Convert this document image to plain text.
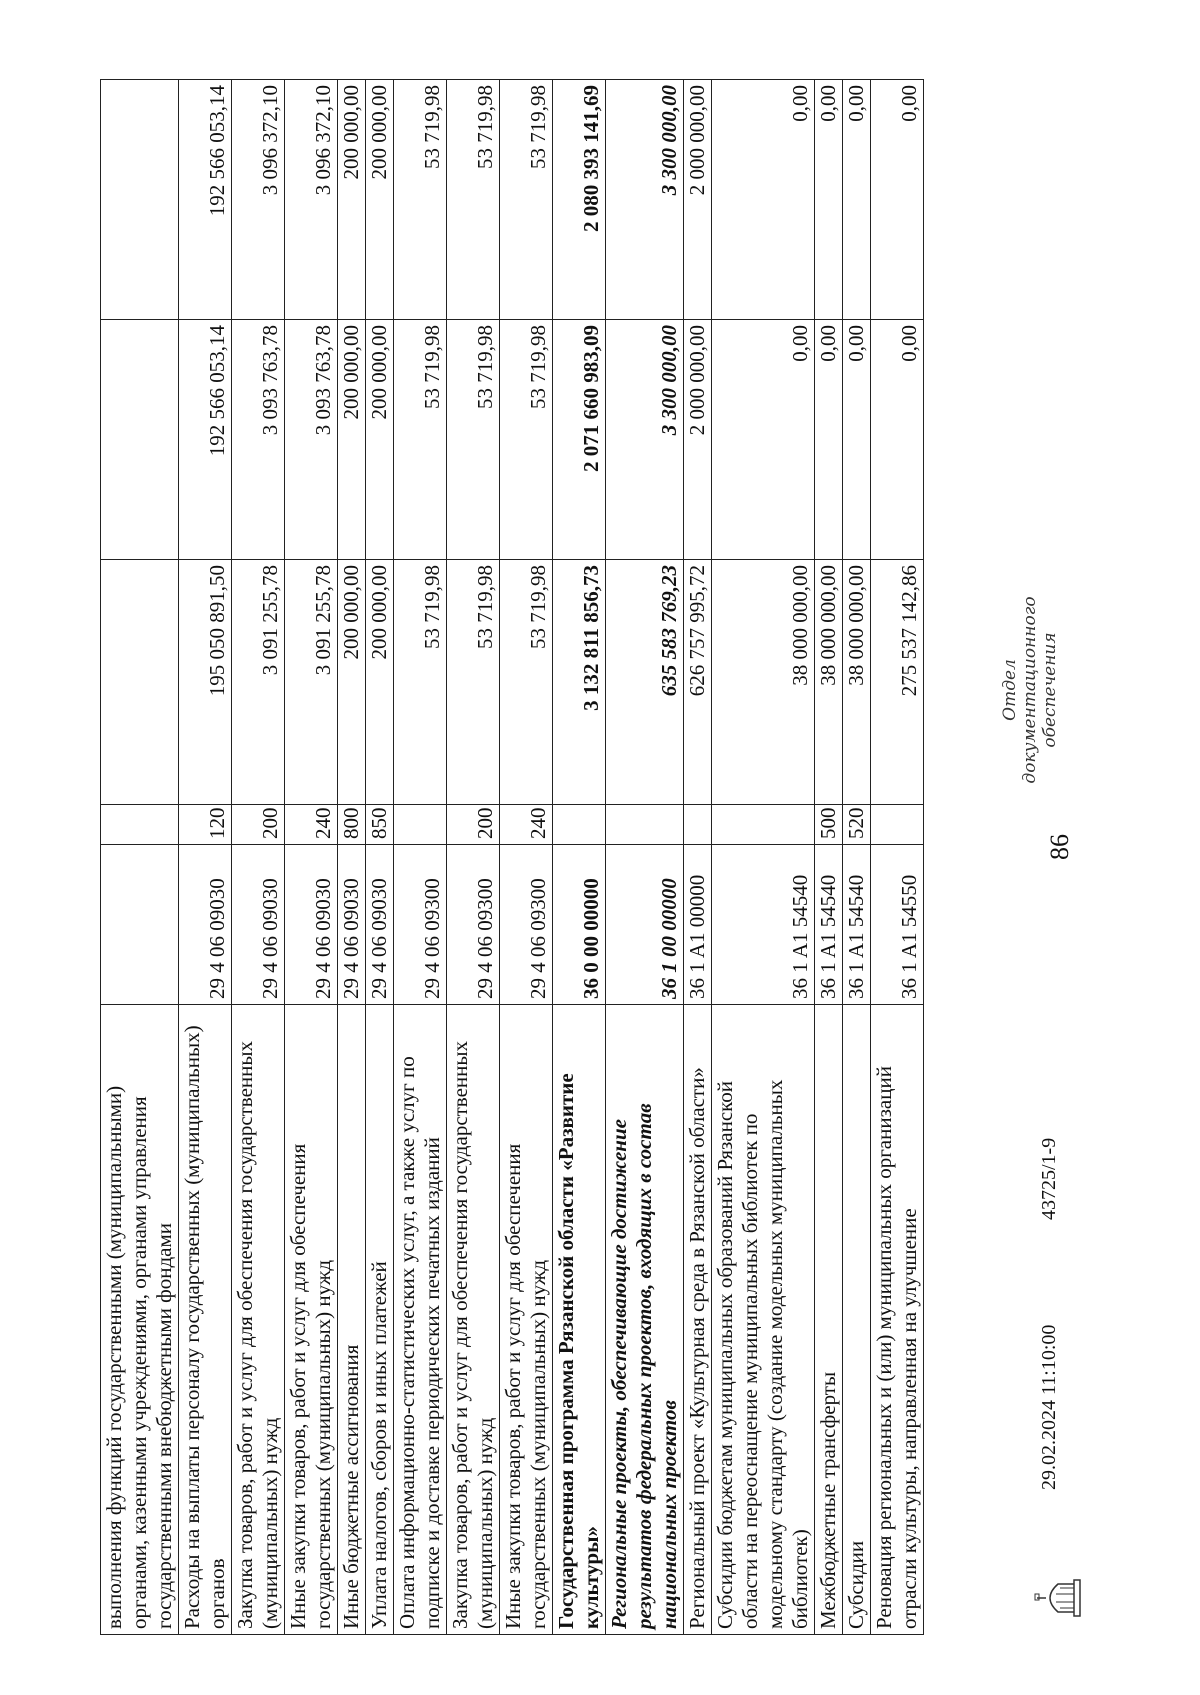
86
выполнения функций государственными (муниципальными) органами, казенными учреждениями, органами управления государственными внебюджетными фондами					
Расходы на выплаты персоналу государственных (муниципальных) органов	29 4 06 09030	120	195 050 891,50	192 566 053,14	192 566 053,14
Закупка товаров, работ и услуг для обеспечения государственных (муниципальных) нужд	29 4 06 09030	200	3 091 255,78	3 093 763,78	3 096 372,10
Иные закупки товаров, работ и услуг для обеспечения государственных (муниципальных) нужд	29 4 06 09030	240	3 091 255,78	3 093 763,78	3 096 372,10
Иные бюджетные ассигнования	29 4 06 09030	800	200 000,00	200 000,00	200 000,00
Уплата налогов, сборов и иных платежей	29 4 06 09030	850	200 000,00	200 000,00	200 000,00
Оплата информационно-статистических услуг, а также услуг по подписке и доставке периодических печатных изданий	29 4 06 09300		53 719,98	53 719,98	53 719,98
Закупка товаров, работ и услуг для обеспечения государственных (муниципальных) нужд	29 4 06 09300	200	53 719,98	53 719,98	53 719,98
Иные закупки товаров, работ и услуг для обеспечения государственных (муниципальных) нужд	29 4 06 09300	240	53 719,98	53 719,98	53 719,98
Государственная программа Рязанской области «Развитие культуры»	36 0 00 00000		3 132 811 856,73	2 071 660 983,09	2 080 393 141,69
Региональные проекты, обеспечивающие достижение результатов федеральных проектов, входящих в состав национальных проектов	36 1 00 00000		635 583 769,23	3 300 000,00	3 300 000,00
Региональный проект «Культурная среда в Рязанской области»	36 1 A1 00000		626 757 995,72	2 000 000,00	2 000 000,00
Субсидии бюджетам муниципальных образований Рязанской области на переоснащение муниципальных библиотек по модельному стандарту (создание модельных муниципальных библиотек)	36 1 A1 54540		38 000 000,00	0,00	0,00
Межбюджетные трансферты	36 1 A1 54540	500	38 000 000,00	0,00	0,00
Субсидии	36 1 A1 54540	520	38 000 000,00	0,00	0,00
Реновация региональных и (или) муниципальных организаций отрасли культуры, направленная на улучшение	36 1 A1 54550		275 537 142,86	0,00	0,00
29.02.2024 11:10:00
43725/1-9
Отдел документационного обеспечения
